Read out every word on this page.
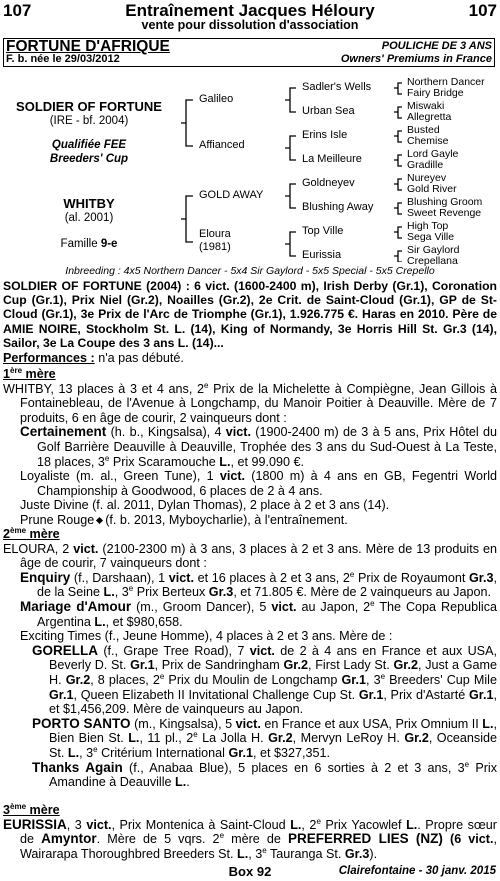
107	Entraînement Jacques Héloury	107
vente pour dissolution d'association
FORTUNE D'AFRIQUE	POULICHE DE 3 ANS
F. b. née le 29/03/2012	Owners' Premiums in France
SOLDIER OF FORTUNE
(IRE - bf. 2004)
Qualifiée FEE
Breeders' Cup
WHITBY
(al. 2001)
Famille 9-e
Galileo
Affianced
GOLD AWAY
Eloura
(1981)
Sadler's Wells
Urban Sea
Erins Isle
La Meilleure
Goldneyev
Blushing Away
Top Ville
Eurissia
Northern Dancer
Fairy Bridge
Miswaki
Allegretta
Busted
Chemise
Lord Gayle
Gradille
Nureyev
Gold River
Blushing Groom
Sweet Revenge
High Top
Sega Ville
Sir Gaylord
Crepellana
Inbreeding : 4x5 Northern Dancer - 5x4 Sir Gaylord - 5x5 Special - 5x5 Crepello
SOLDIER OF FORTUNE (2004) : 6 vict. (1600-2400 m), Irish Derby (Gr.1), Coronation Cup (Gr.1), Prix Niel (Gr.2), Noailles (Gr.2), 2e Crit. de Saint-Cloud (Gr.1), GP de St-Cloud (Gr.1), 3e Prix de l'Arc de Triomphe (Gr.1), 1.926.775 €. Haras en 2010. Père de AMIE NOIRE, Stockholm St. L. (14), King of Normandy, 3e Horris Hill St. Gr.3 (14), Sailor, 3e La Coupe des 3 ans L. (14)...
Performances : n'a pas débuté.
1ère mère
WHITBY, 13 places à 3 et 4 ans, 2e Prix de la Michelette à Compiègne, Jean Gillois à Fontainebleau, de l'Avenue à Longchamp, du Manoir Poitier à Deauville. Mère de 7 produits, 6 en âge de courir, 2 vainqueurs dont :
Certainement (h. b., Kingsalsa), 4 vict. (1900-2400 m) de 3 à 5 ans, Prix Hôtel du Golf Barrière Deauville à Deauville, Trophée des 3 ans du Sud-Ouest à La Teste, 18 places, 3e Prix Scaramouche L., et 99.090 €.
Loyaliste (m. al., Green Tune), 1 vict. (1800 m) à 4 ans en GB, Fegentri World Championship à Goodwood, 6 places de 2 à 4 ans.
Juste Divine (f. al. 2011, Dylan Thomas), 2 place à 2 et 3 ans (14).
Prune Rouge (f. b. 2013, Myboycharlie), à l'entraînement.
2ème mère
ELOURA, 2 vict. (2100-2300 m) à 3 ans, 3 places à 2 et 3 ans. Mère de 13 produits en âge de courir, 7 vainqueurs dont :
Enquiry (f., Darshaan), 1 vict. et 16 places à 2 et 3 ans, 2e Prix de Royaumont Gr.3, de la Seine L., 3e Prix Berteux Gr.3, et 71.805 €. Mère de 2 vainqueurs au Japon.
Mariage d'Amour (m., Groom Dancer), 5 vict. au Japon, 2e The Copa Republica Argentina L., et $980,658.
Exciting Times (f., Jeune Homme), 4 places à 2 et 3 ans. Mère de :
GORELLA (f., Grape Tree Road), 7 vict. de 2 à 4 ans en France et aux USA, Beverly D. St. Gr.1, Prix de Sandringham Gr.2, First Lady St. Gr.2, Just a Game H. Gr.2, 8 places, 2e Prix du Moulin de Longchamp Gr.1, 3e Breeders' Cup Mile Gr.1, Queen Elizabeth II Invitational Challenge Cup St. Gr.1, Prix d'Astarté Gr.1, et $1,456,209. Mère de vainqueurs au Japon.
PORTO SANTO (m., Kingsalsa), 5 vict. en France et aux USA, Prix Omnium II L., Bien Bien St. L., 11 pl., 2e La Jolla H. Gr.2, Mervyn LeRoy H. Gr.2, Oceanside St. L., 3e Critérium International Gr.1, et $327,351.
Thanks Again (f., Anabaa Blue), 5 places en 6 sorties à 2 et 3 ans, 3e Prix Amandine à Deauville L..
3ème mère
EURISSIA, 3 vict., Prix Montenica à Saint-Cloud L., 2e Prix Yacowlef L.. Propre sœur de Amyntor. Mère de 5 vqrs. 2e mère de PREFERRED LIES (NZ) (6 vict., Wairarapa Thoroughbred Breeders St. L., 3e Tauranga St. Gr.3).
Box 92	Clairefontaine - 30 janv. 2015
